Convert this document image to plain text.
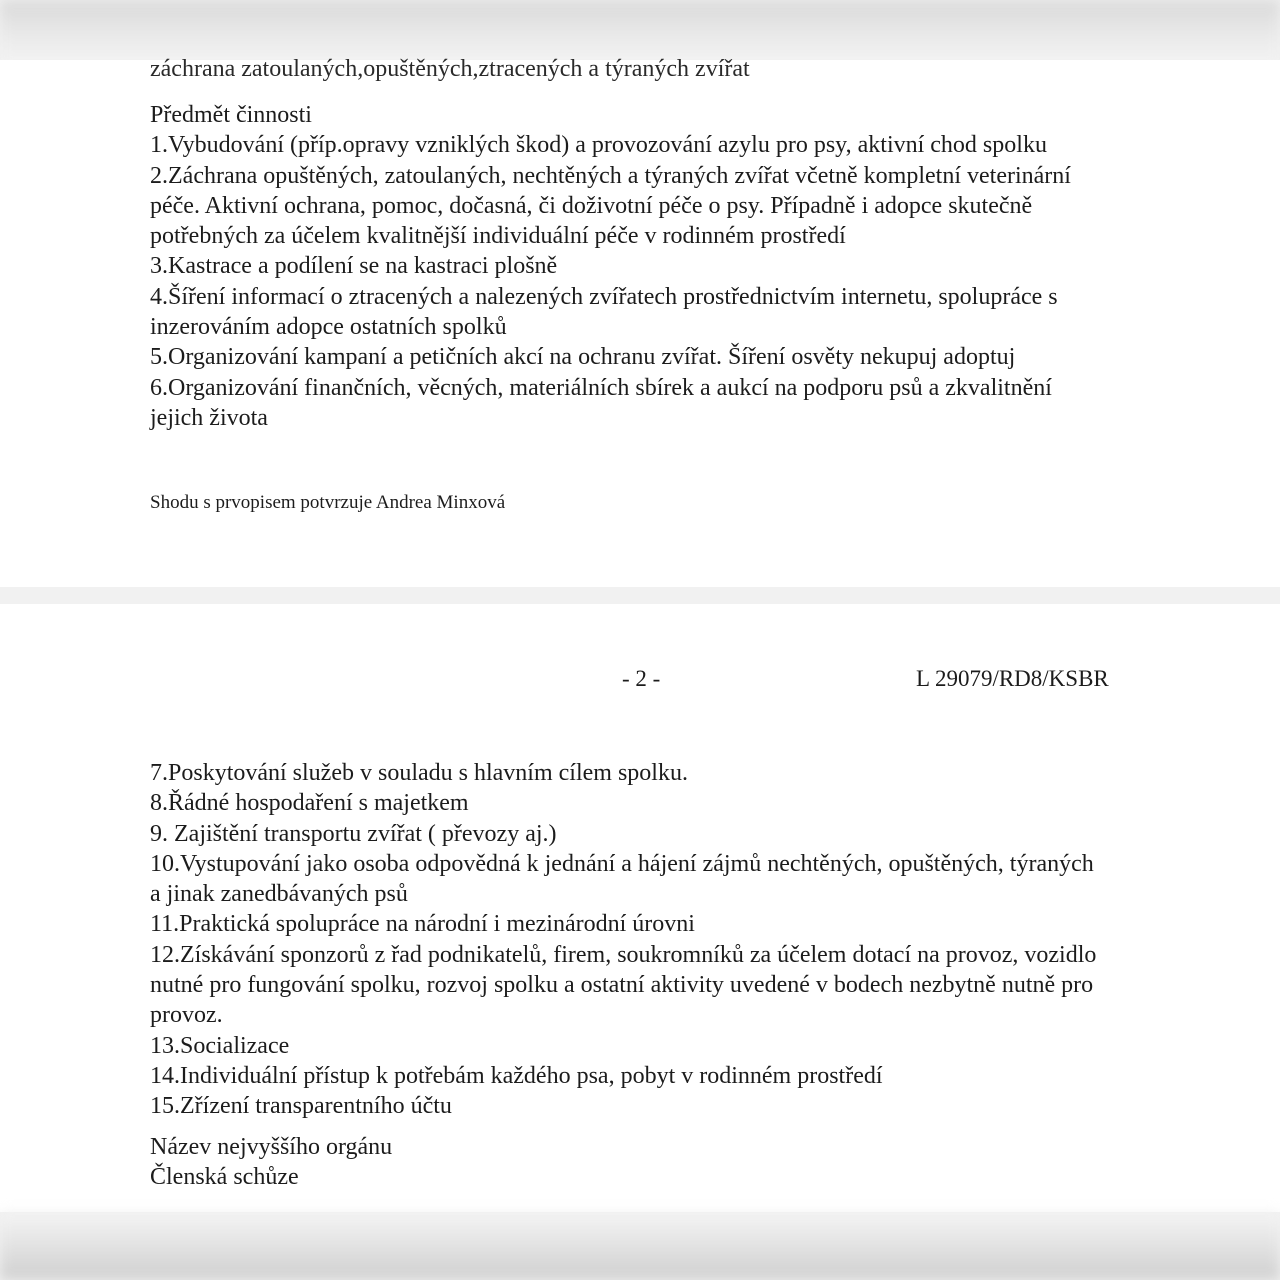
záchrana zatoulaných,opuštěných,ztracených a týraných zvířat
Předmět činnosti
1.Vybudování (příp.opravy vzniklých škod) a provozování azylu pro psy, aktivní chod spolku
2.Záchrana opuštěných, zatoulaných, nechtěných a týraných zvířat včetně kompletní veterinární
péče. Aktivní ochrana, pomoc, dočasná, či doživotní péče o psy. Případně i adopce skutečně
potřebných za účelem kvalitnější individuální péče v rodinném prostředí
3.Kastrace a podílení se na kastraci plošně
4.Šíření informací o ztracených a nalezených zvířatech prostřednictvím internetu, spolupráce s
inzerováním adopce ostatních spolků
5.Organizování kampaní a petičních akcí na ochranu zvířat. Šíření osvěty nekupuj adoptuj
6.Organizování finančních, věcných, materiálních sbírek a aukcí na podporu psů a zkvalitnění
jejich života
Shodu s prvopisem potvrzuje Andrea Minxová
- 2 -	L 29079/RD8/KSBR
7.Poskytování služeb v souladu s hlavním cílem spolku.
8.Řádné hospodaření s majetkem
9. Zajištění transportu zvířat ( převozy aj.)
10.Vystupování jako osoba odpovědná k jednání a hájení zájmů nechtěných, opuštěných, týraných
a jinak zanedbávaných psů
11.Praktická spolupráce na národní i mezinárodní úrovni
12.Získávání sponzorů z řad podnikatelů, firem, soukromníků za účelem dotací na provoz, vozidlo
nutné pro fungování spolku, rozvoj spolku a ostatní aktivity uvedené v bodech nezbytně nutně pro
provoz.
13.Socializace
14.Individuální přístup k potřebám každého psa, pobyt v rodinném prostředí
15.Zřízení transparentního účtu
Název nejvyššího orgánu
Členská schůze
